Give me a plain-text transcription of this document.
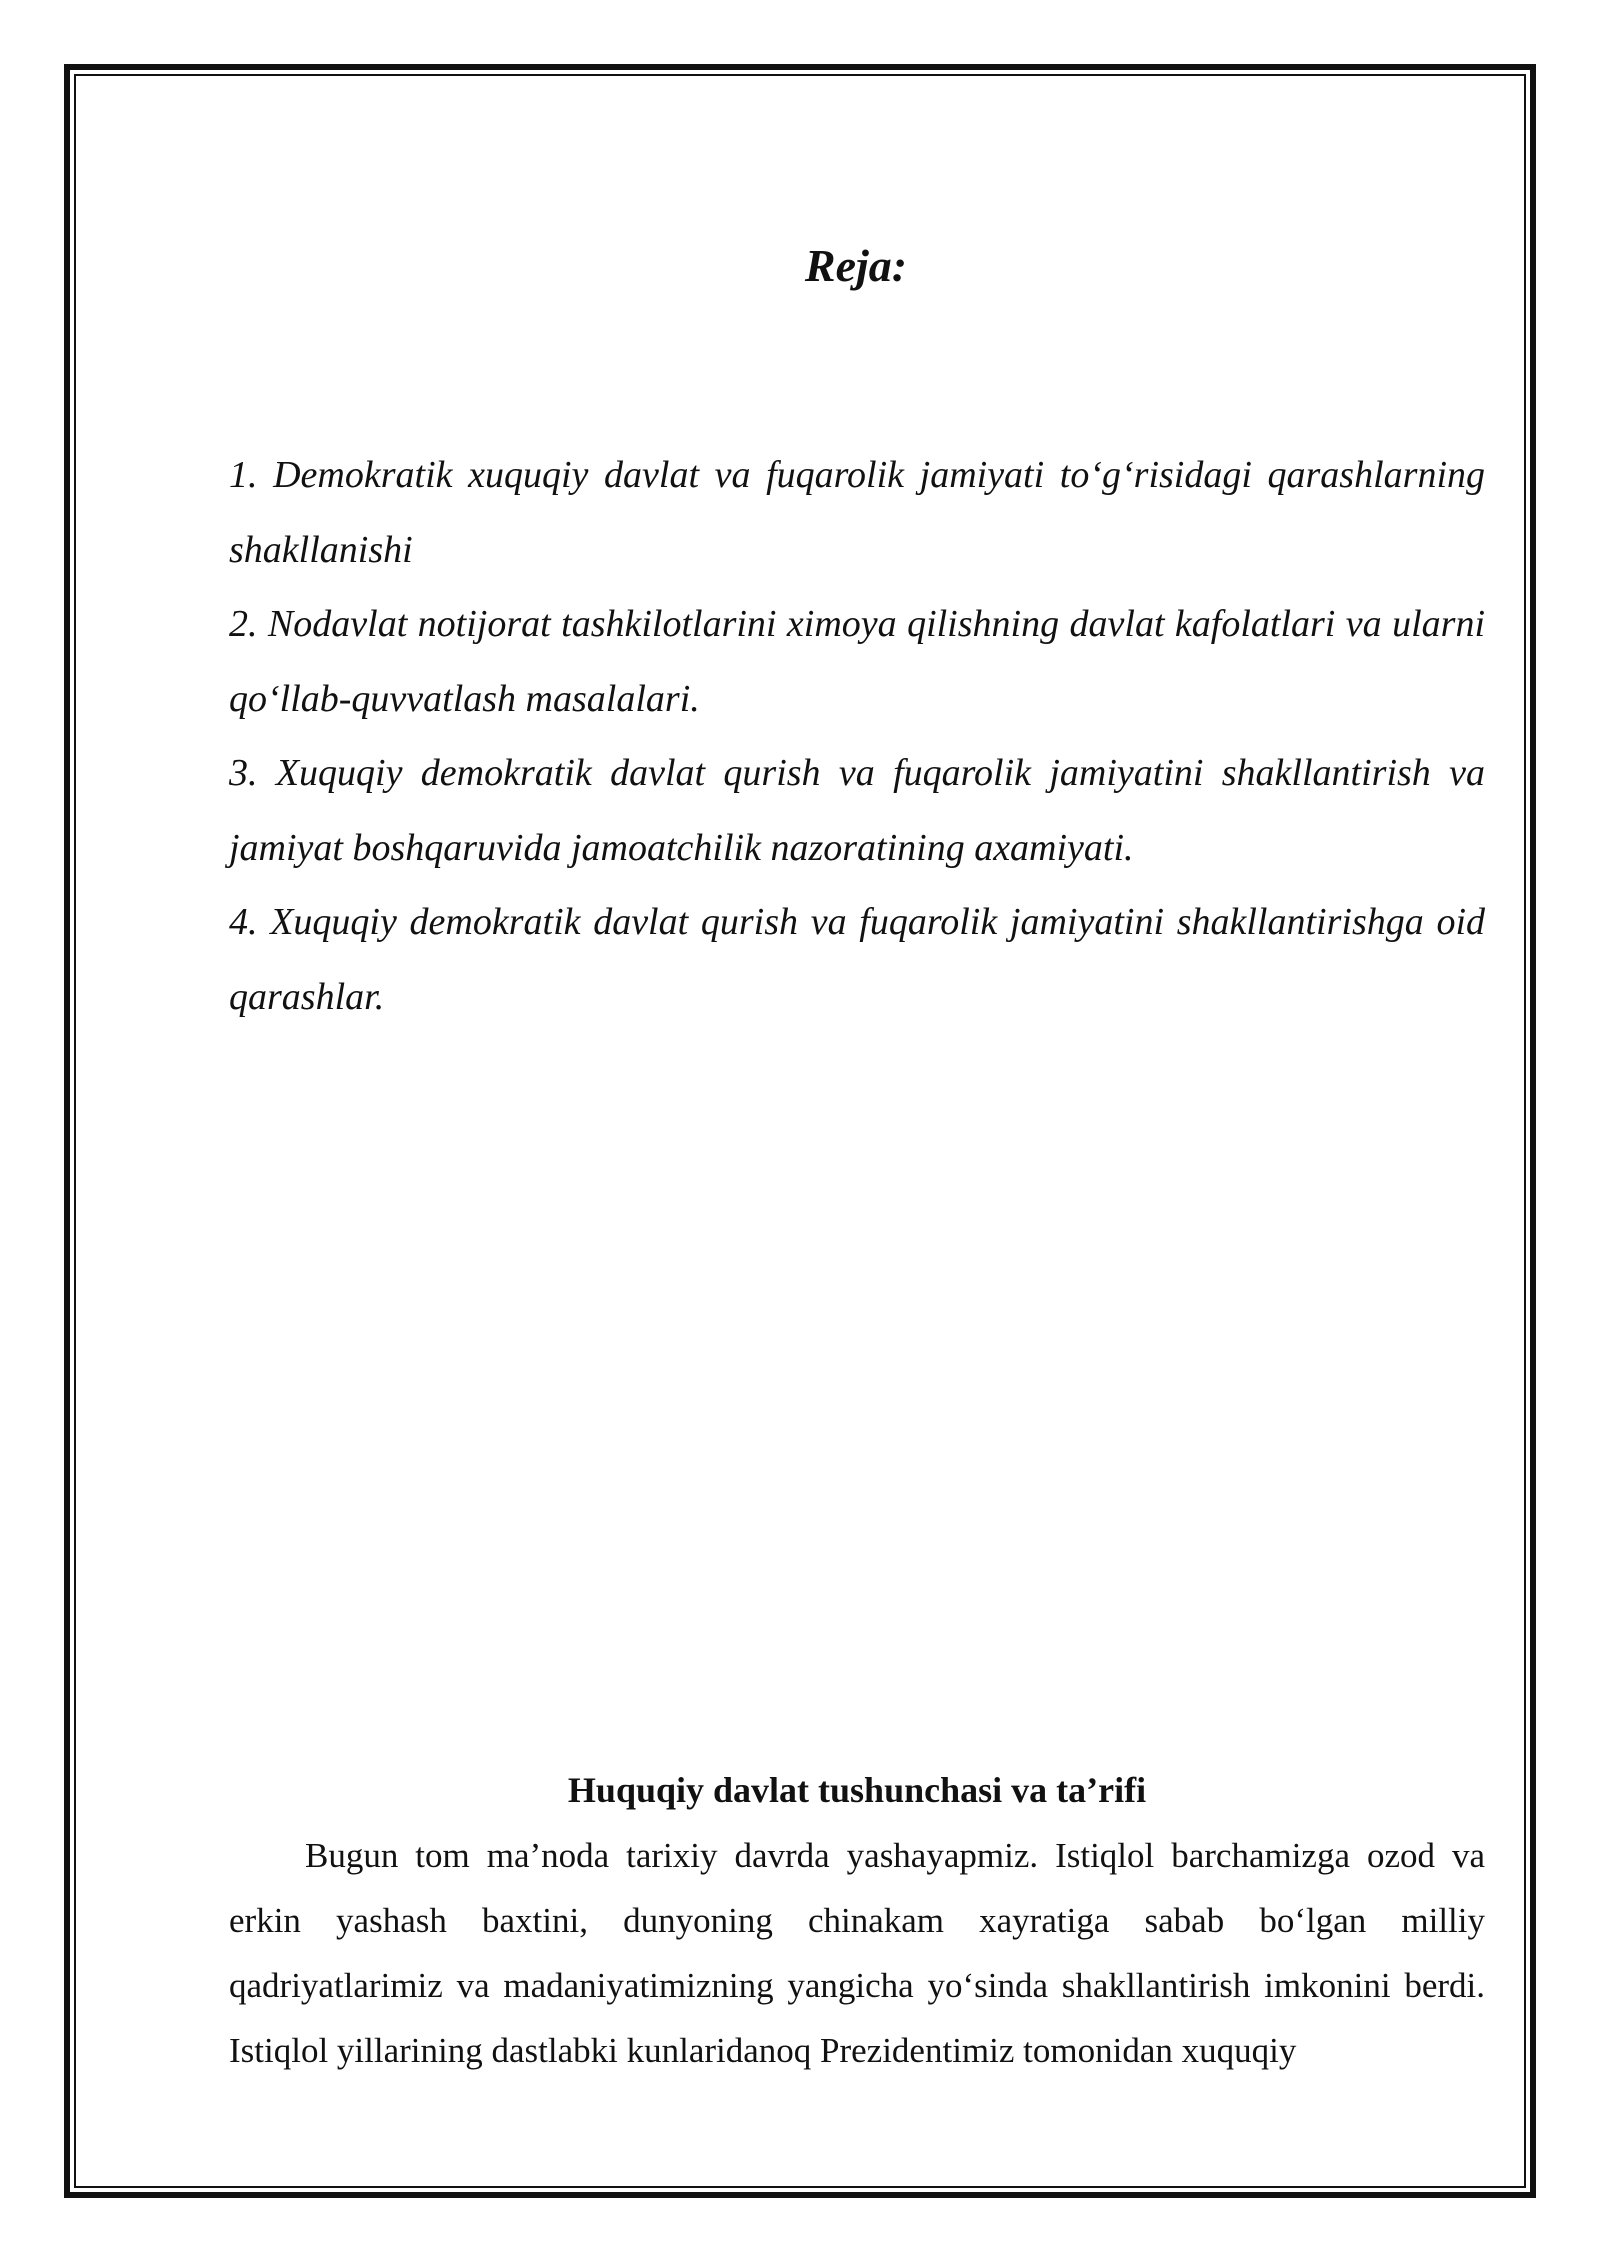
Reja:
1. Demokratik xuquqiy davlat va fuqarolik jamiyati to‘g‘risidagi qarashlarning shakllanishi
2. Nodavlat notijorat tashkilotlarini ximoya qilishning davlat kafolatlari va ularni qo‘llab-quvvatlash masalalari.
3. Xuquqiy demokratik davlat qurish va fuqarolik jamiyatini shakllantirish va jamiyat boshqaruvida jamoatchilik nazoratining axamiyati.
4. Xuquqiy demokratik davlat qurish va fuqarolik jamiyatini shakllantirishga oid qarashlar.
Huquqiy davlat tushunchasi va ta’rifi

Bugun tom ma’noda tarixiy davrda yashayapmiz. Istiqlol barchamizga ozod va erkin yashash baxtini, dunyoning chinakam xayratiga sabab bo‘lgan milliy qadriyatlarimiz va madaniyatimizning yangicha yo‘sinda shakllantirish imkonini berdi. Istiqlol yillarining dastlabki kunlaridanoq Prezidentimiz tomonidan xuquqiy
